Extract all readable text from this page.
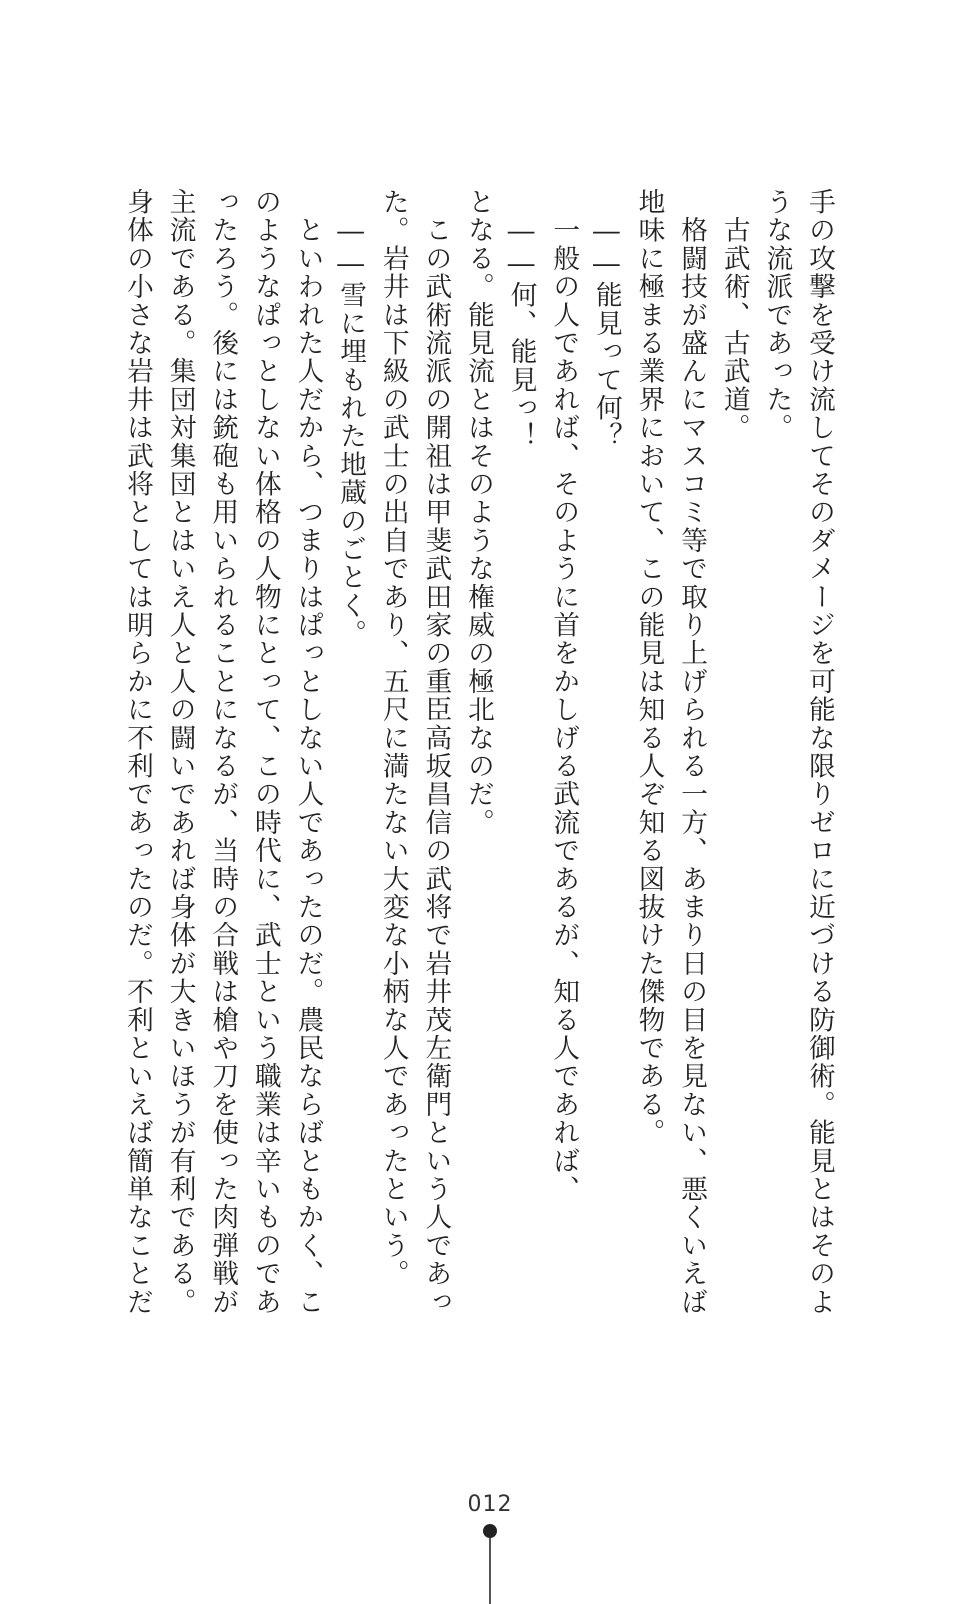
手の攻撃を受け流してそのダメージを可能な限りゼロに近づける防御術。能見とはそのよ
うな流派であった。
　古武術、古武道。
　格闘技が盛んにマスコミ等で取り上げられる一方、あまり日の目を見ない、悪くいえば
地味に極まる業界において、この能見は知る人ぞ知る図抜けた傑物である。
　――能見って何？
　一般の人であれば、そのように首をかしげる武流であるが、知る人であれば、
　――何、能見っ！
となる。能見流とはそのような権威の極北なのだ。
　この武術流派の開祖は甲斐武田家の重臣高坂昌信の武将で岩井茂左衛門という人であっ
た。岩井は下級の武士の出自であり、五尺に満たない大変な小柄な人であったという。
　――雪に埋もれた地蔵のごとく。
　といわれた人だから、つまりはぱっとしない人であったのだ。農民ならばともかく、こ
のようなぱっとしない体格の人物にとって、この時代に、武士という職業は辛いものであ
ったろう。後には銃砲も用いられることになるが、当時の合戦は槍や刀を使った肉弾戦が
主流である。集団対集団とはいえ人と人の闘いであれば身体が大きいほうが有利である。
身体の小さな岩井は武将としては明らかに不利であったのだ。不利といえば簡単なことだ
012
